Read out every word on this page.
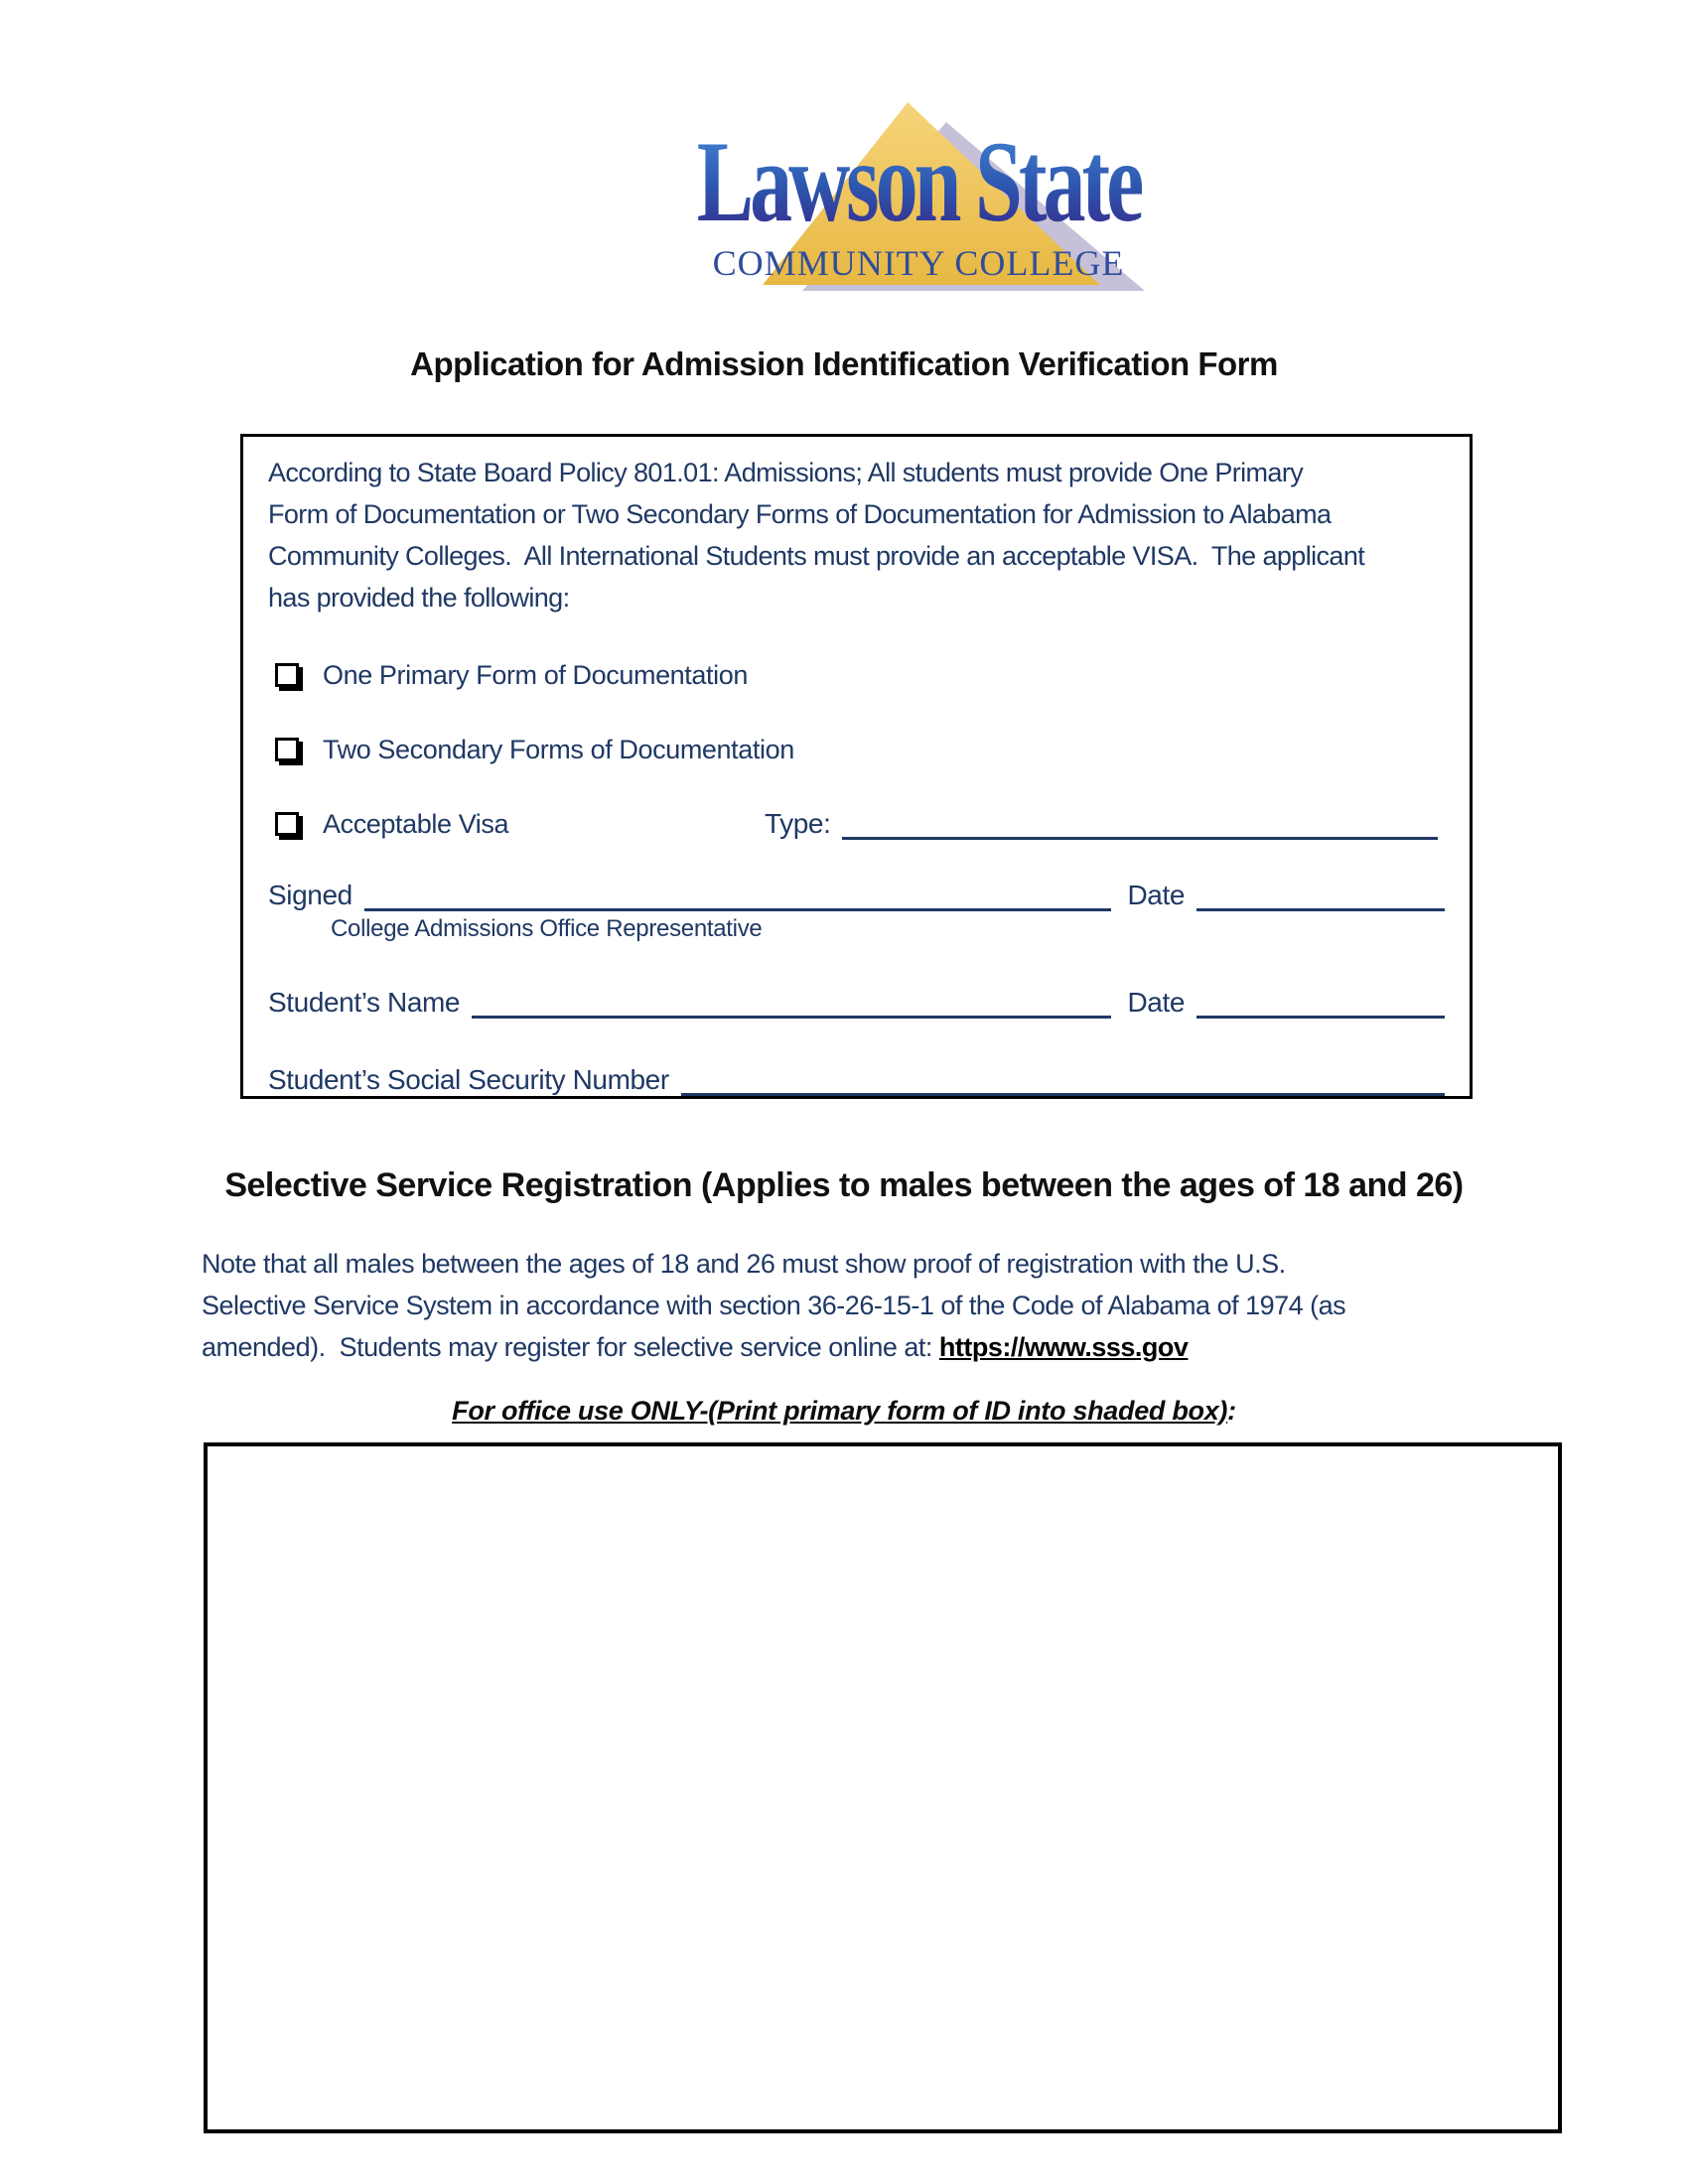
Lawson State
COMMUNITY COLLEGE
Application for Admission Identification Verification Form
According to State Board Policy 801.01: Admissions; All students must provide One Primary
Form of Documentation or Two Secondary Forms of Documentation for Admission to Alabama
Community Colleges.  All International Students must provide an acceptable VISA.  The applicant
has provided the following:
One Primary Form of Documentation
Two Secondary Forms of Documentation
Acceptable Visa	Type:
Signed	Date
College Admissions Office Representative
Student’s Name	Date
Student’s Social Security Number
Selective Service Registration (Applies to males between the ages of 18 and 26)
Note that all males between the ages of 18 and 26 must show proof of registration with the U.S.
Selective Service System in accordance with section 36-26-15-1 of the Code of Alabama of 1974 (as
amended).  Students may register for selective service online at: https://www.sss.gov
For office use ONLY-(Print primary form of ID into shaded box):
